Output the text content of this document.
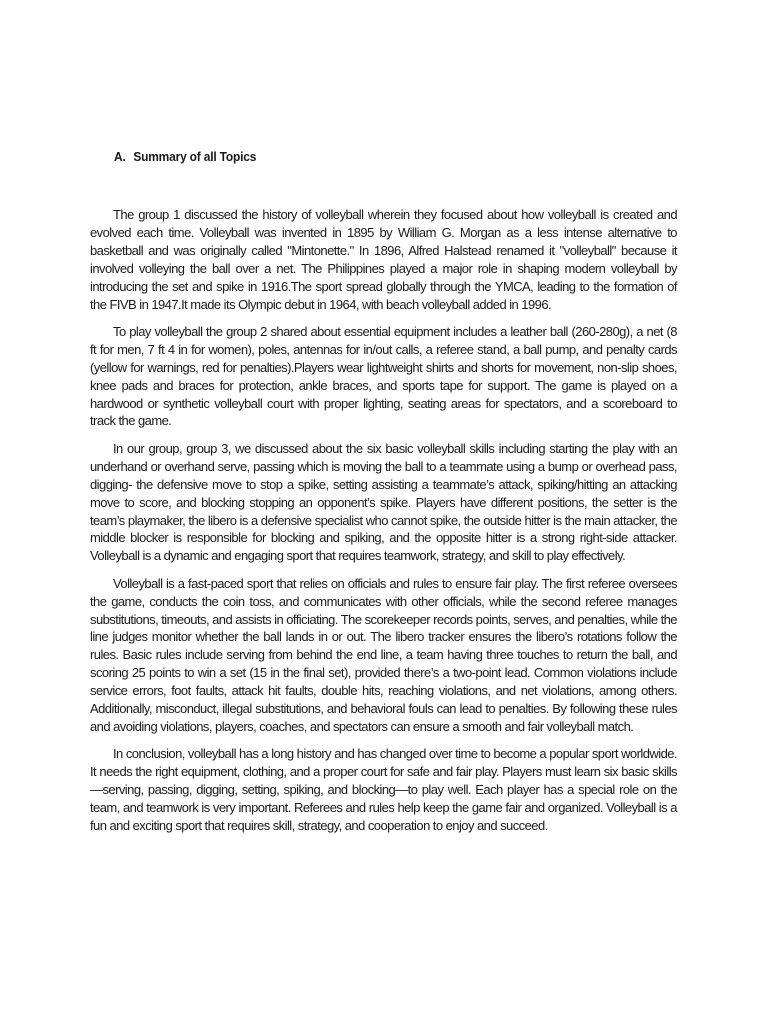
A. Summary of all Topics

The group 1 discussed the history of volleyball wherein they focused about how volleyball is created and evolved each time. Volleyball was invented in 1895 by William G. Morgan as a less intense alternative to basketball and was originally called "Mintonette." In 1896, Alfred Halstead renamed it "volleyball" because it involved volleying the ball over a net. The Philippines played a major role in shaping modern volleyball by introducing the set and spike in 1916.The sport spread globally through the YMCA, leading to the formation of the FIVB in 1947.It made its Olympic debut in 1964, with beach volleyball added in 1996.

To play volleyball the group 2 shared about essential equipment includes a leather ball (260-280g), a net (8 ft for men, 7 ft 4 in for women), poles, antennas for in/out calls, a referee stand, a ball pump, and penalty cards (yellow for warnings, red for penalties).Players wear lightweight shirts and shorts for movement, non-slip shoes, knee pads and braces for protection, ankle braces, and sports tape for support. The game is played on a hardwood or synthetic volleyball court with proper lighting, seating areas for spectators, and a scoreboard to track the game.

In our group, group 3, we discussed about the six basic volleyball skills including starting the play with an underhand or overhand serve, passing which is moving the ball to a teammate using a bump or overhead pass, digging- the defensive move to stop a spike, setting assisting a teammate’s attack, spiking/hitting an attacking move to score, and blocking stopping an opponent’s spike. Players have different positions, the setter is the team’s playmaker, the libero is a defensive specialist who cannot spike, the outside hitter is the main attacker, the middle blocker is responsible for blocking and spiking, and the opposite hitter is a strong right-side attacker. Volleyball is a dynamic and engaging sport that requires teamwork, strategy, and skill to play effectively.

Volleyball is a fast-paced sport that relies on officials and rules to ensure fair play. The first referee oversees the game, conducts the coin toss, and communicates with other officials, while the second referee manages substitutions, timeouts, and assists in officiating. The scorekeeper records points, serves, and penalties, while the line judges monitor whether the ball lands in or out. The libero tracker ensures the libero’s rotations follow the rules. Basic rules include serving from behind the end line, a team having three touches to return the ball, and scoring 25 points to win a set (15 in the final set), provided there’s a two-point lead. Common violations include service errors, foot faults, attack hit faults, double hits, reaching violations, and net violations, among others. Additionally, misconduct, illegal substitutions, and behavioral fouls can lead to penalties. By following these rules and avoiding violations, players, coaches, and spectators can ensure a smooth and fair volleyball match.

In conclusion, volleyball has a long history and has changed over time to become a popular sport worldwide. It needs the right equipment, clothing, and a proper court for safe and fair play. Players must learn six basic skills—serving, passing, digging, setting, spiking, and blocking—to play well. Each player has a special role on the team, and teamwork is very important. Referees and rules help keep the game fair and organized. Volleyball is a fun and exciting sport that requires skill, strategy, and cooperation to enjoy and succeed.
